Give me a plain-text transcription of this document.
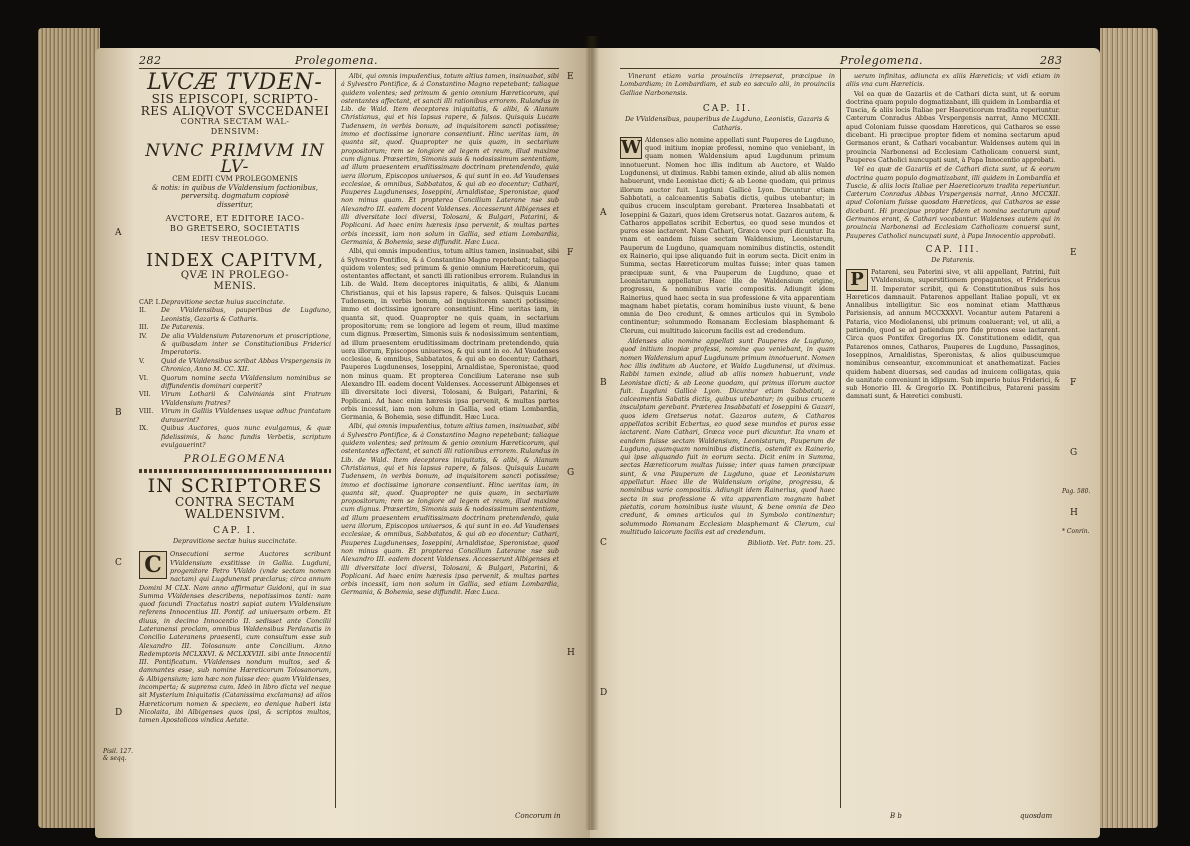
282	Prolegomena.
LVCÆ TVDEN-
SIS EPISCOPI, SCRIPTO-
RES ALIQVOT SVCCEDANEI
CONTRA SECTAM WAL-
DENSIVM:
NVNC PRIMVM IN LV-
CEM EDITI CVM PROLEGOMENIS
& notis: in quibus de VValdensium factionibus,
perversitq. dogmatum copiosè
disseritur,
AVCTORE, ET EDITORE IACO-
BO GRETSERO, SOCIETATIS
IESV THEOLOGO.
INDEX CAPITVM,
QVÆ IN PROLEGO-
MENIS.
CAP. I. Depravitione sectæ huius succinctate.
II.	De VValdensibus, pauperibus de Lugduno, Leonistis, Gazaris & Catharis.
III.	De Patarenis.
IV.	De alia VValdensium Patarenorum et proscriptione, & quibusdam inter se Constitutionibus Friderici Imperatoris.
V.	Quid de VValdensibus scribat Abbas Vrspergensis in Chronico, Anno M. CC. XII.
VI.	Quorum nomine secta VValdensium nominibus se diffundentis dominari cœperit?
VII.	Virum Lotharii & Calvinianis sint Fratrum VValdensium fratres?
VIII.	Virum in Galliis VValdenses usque adhuc frantatum durauerint?
IX.	Quibus Auctores, quos nunc evulgamus, & quæ fidelissimis, & hanc fundis Verbetis, scriptum evulgauerint?
PROLEGOMENA
IN SCRIPTORES
CONTRA SECTAM
WALDENSIVM.
CAP. I.
Depravitione sectæ huius succinctate.
C	Onsecutioni serme Auctores scribunt VValdensium exstitisse in Gallia. Lugduni, progenitore Petro VValdo (vnde sectam nomen nactam) qui Lugdunenst præclarus; circa annum Domini M CLX. Nam anno affirmatur Guidoni, qui in sua Summa VValdenses describens, nepotissimos tanti: nam quod facundi Tractatus nostri sapiat autem VValdensium referens Innocentius III. Pontif. ad uniuersum orbem. Et diuus, in decimo Innocentio II. sedisset ante Concilii Lateranensi proclam, omnibus Waldensibus Perdanatis in Concilio Lateranens praesenti, cum consultum esse sub Alexandro III. Tolosanum ante Concilium. Anno Redemptoris MCLXXVI. & MCLXXVIII. sibi ante Innocentii III. Pontificatum. VValdenses nondum multos, sed & damnantes esse, sub nomine Hæreticorum Tolosanorum, & Albigensium; iam hæc non fuisse deo: quam VValdenses, incomperta; & suprema cum. Ideò in libro dicta vel neque sit Mysterium Iniquitatis (Catanissima exclamans) ad alios Hæreticorum nomen & speciem, eo denique haberi ista Nicolaita, ibi Albigenses quos ipsi, & scriptos multos, tamen Apostolicos vindica Aetate.

Albi, qui omnis impudentius, totum altius tamen, insinuabat, sibi á Sylvestro Pontifice, & á Constantino Magno repetebant; taliaque quidem volentes; sed primum & genio omnium Hæreticorum, qui ostentantes affectant, et sancti illi rationibus errorem. Rulandus in Lib. de Wald. Item deceptores iniquitatis, & alibi, & Alanum Christianus, qui et his lapsus rapere, & falsos. Quisquis Lucam Tudensem, in verbis bonum, ad inquisitorem sancti potissime; immo et doctissime ignorare consentiunt. Hinc ueritas iam, in quanta sit, quod. Quapropter ne quis quam, in sectarium propositorum; rem se longiore ad legem et reum, illud maxime cum dignus. Præsertim, Simonis suis & nodosissimum sententiam, ad illum praesentem eruditissimam doctrinam pretendendo, quia uera illorum, Episcopos uniuersos, & qui sunt in eo. Ad Vaudenses ecclesiae, & omnibus, Sabbatatos, & qui ab eo docentur; Cathari, Pauperes Lugdunenses, Ioseppini, Arnaldistae, Speronistae, quod non minus quam. Et propterea Concilium Laterane nse sub Alexandro III. eadem docent Valdenses. Accesserunt Albigenses et illi diversitate loci diversi, Tolosani, & Bulgari, Patarini, & Poplicani. Ad haec enim hæresis ipsa pervenit, & multas partes orbis incessit, iam non solum in Gallia, sed etiam Lombardia, Germania, & Bohemia, sese diffundit. Hæc Luca.

Albi, qui omnis impudentius, totum altius tamen, insinuabat, sibi á Sylvestro Pontifice, & á Constantino Magno repetebant; taliaque quidem volentes; sed primum & genio omnium Hæreticorum, qui ostentantes affectant, et sancti illi rationibus errorem. Rulandus in Lib. de Wald. Item deceptores iniquitatis, & alibi, & Alanum Christianus, qui et his lapsus rapere, & falsos. Quisquis Lucam Tudensem, in verbis bonum, ad inquisitorem sancti potissime; immo et doctissime ignorare consentiunt. Hinc ueritas iam, in quanta sit, quod. Quapropter ne quis quam, in sectarium propositorum; rem se longiore ad legem et reum, illud maxime cum dignus. Præsertim, Simonis suis & nodosissimum sententiam, ad illum praesentem eruditissimam doctrinam pretendendo, quia uera illorum, Episcopos uniuersos, & qui sunt in eo. Ad Vaudenses ecclesiae, & omnibus, Sabbatatos, & qui ab eo docentur; Cathari, Pauperes Lugdunenses, Ioseppini, Arnaldistae, Speronistae, quod non minus quam. Et propterea Concilium Laterane nse sub Alexandro III. eadem docent Valdenses. Accesserunt Albigenses et illi diversitate loci diversi, Tolosani, & Bulgari, Patarini, & Poplicani. Ad haec enim hæresis ipsa pervenit, & multas partes orbis incessit, iam non solum in Gallia, sed etiam Lombardia, Germania, & Bohemia, sese diffundit. Hæc Luca.

Albi, qui omnis impudentius, totum altius tamen, insinuabat, sibi á Sylvestro Pontifice, & á Constantino Magno repetebant; taliaque quidem volentes; sed primum & genio omnium Hæreticorum, qui ostentantes affectant, et sancti illi rationibus errorem. Rulandus in Lib. de Wald. Item deceptores iniquitatis, & alibi, & Alanum Christianus, qui et his lapsus rapere, & falsos. Quisquis Lucam Tudensem, in verbis bonum, ad inquisitorem sancti potissime; immo et doctissime ignorare consentiunt. Hinc ueritas iam, in quanta sit, quod. Quapropter ne quis quam, in sectarium propositorum; rem se longiore ad legem et reum, illud maxime cum dignus. Præsertim, Simonis suis & nodosissimum sententiam, ad illum praesentem eruditissimam doctrinam pretendendo, quia uera illorum, Episcopos uniuersos, & qui sunt in eo. Ad Vaudenses ecclesiae, & omnibus, Sabbatatos, & qui ab eo docentur; Cathari, Pauperes Lugdunenses, Ioseppini, Arnaldistae, Speronistae, quod non minus quam. Et propterea Concilium Laterane nse sub Alexandro III. eadem docent Valdenses. Accesserunt Albigenses et illi diversitate loci diversi, Tolosani, & Bulgari, Patarini, & Poplicani. Ad haec enim hæresis ipsa pervenit, & multas partes orbis incessit, iam non solum in Gallia, sed etiam Lombardia, Germania, & Bohemia, sese diffundit. Hæc Luca.

Pisil. 127. & seqq.
Concorum in
A
B
C
D
E
F
G
H
Prolegomena.	283

Vinerant etiam varia prouinciis irrepserat, præcipue in Lombardiam; in Lombardiam, et sub eo sæculo alii, in prouinciis Galliae Narbonensis.

CAP. II.
De VValdensibus, pauperibus de Lugduno, Leonistis, Gazaris & Catharis.
W Aldenses alio nomine appellati sunt Pauperes de Lugduno, quod initium inopiæ professi, nomine quo veniebant, in quam nomen Waldensium apud Lugdunum primum innotuerunt. Nomen hoc illis inditum ab Auctore, et Waldo Lugdunensi, ut diximus. Rabbi tamen exinde, aliud ab aliis nomen habuerunt, vnde Leonistae dicti; & ab Leone quodam, qui primus illorum auctor fuit. Lugduni Gallicè Lyon. Dicuntur etiam Sabbatati, a calceamentis Sabatis dictis, quibus utebantur; in quibus crucem insculptam gerebant. Præterea Insabbatati et Ioseppini & Gazari, quos idem Gretserus notat. Gazaros autem, & Catharos appellatos scribit Ecbertus, eo quod sese mundos et puros esse iactarent. Nam Cathari, Græca voce puri dicuntur. Ita vnam et eandem fuisse sectam Waldensium, Leonistarum, Pauperum de Lugduno, quamquam nominibus distinctis, ostendit ex Rainerio, qui ipse aliquando fuit in eorum secta. Dicit enim in Summa, sectas Hæreticorum multas fuisse; inter quas tamen præcipuæ sunt, & vna Pauperum de Lugduno, quae et Leonistarum appellatur. Haec ille de Waldensium origine, progressu, & nominibus varie compositis. Adiungit idem Rainerius, quod haec secta in sua professione & vita apparentiam magnam habet pietatis, coram hominibus iuste viuunt, & bene omnia de Deo credunt, & omnes articulos qui in Symbolo continentur; solummodo Romanam Ecclesiam blasphemant & Clerum, cui multitudo laicorum facilis est ad credendum.

Aldenses alio nomine appellati sunt Pauperes de Lugduno, quod initium inopiæ professi, nomine quo veniebant, in quam nomen Waldensium apud Lugdunum primum innotuerunt. Nomen hoc illis inditum ab Auctore, et Waldo Lugdunensi, ut diximus. Rabbi tamen exinde, aliud ab aliis nomen habuerunt, vnde Leonistae dicti; & ab Leone quodam, qui primus illorum auctor fuit. Lugduni Gallicè Lyon. Dicuntur etiam Sabbatati, a calceamentis Sabatis dictis, quibus utebantur; in quibus crucem insculptam gerebant. Præterea Insabbatati et Ioseppini & Gazari, quos idem Gretserus notat. Gazaros autem, & Catharos appellatos scribit Ecbertus, eo quod sese mundos et puros esse iactarent. Nam Cathari, Græca voce puri dicuntur. Ita vnam et eandem fuisse sectam Waldensium, Leonistarum, Pauperum de Lugduno, quamquam nominibus distinctis, ostendit ex Rainerio, qui ipse aliquando fuit in eorum secta. Dicit enim in Summa, sectas Hæreticorum multas fuisse; inter quas tamen præcipuæ sunt, & vna Pauperum de Lugduno, quae et Leonistarum appellatur. Haec ille de Waldensium origine, progressu, & nominibus varie compositis. Adiungit idem Rainerius, quod haec secta in sua professione & vita apparentiam magnam habet pietatis, coram hominibus iuste viuunt, & bene omnia de Deo credunt, & omnes articulos qui in Symbolo continentur; solummodo Romanam Ecclesiam blasphemant & Clerum, cui multitudo laicorum facilis est ad credendum.

Bibliotb. Vet. Patr. tom. 25.

uerum infinitas, adiuncta ex aliis Hæreticis; vt vidi etiam in aliis vna cum Hæreticis.

Vel ea quæ de Gazariis et de Cathari dicta sunt, ut & eorum doctrina quam populo dogmatizabant, illi quidem in Lombardia et Tuscia, & aliis locis Italiae per Haereticorum tradita reperiuntur. Cæterum Conradus Abbas Vrspergensis narrat, Anno MCCXII. apud Coloniam fuisse quosdam Hæreticos, qui Catharos se esse dicebant. Hi præcipue propter fidem et nomina sectarum apud Germanos erant, & Cathari vocabantur. Waldenses autem qui in prouincia Narbonensi ad Ecclesiam Catholicam conuersi sunt, Pauperes Catholici nuncupati sunt, à Papa Innocentio approbati.

Vel ea quæ de Gazariis et de Cathari dicta sunt, ut & eorum doctrina quam populo dogmatizabant, illi quidem in Lombardia et Tuscia, & aliis locis Italiae per Haereticorum tradita reperiuntur. Cæterum Conradus Abbas Vrspergensis narrat, Anno MCCXII. apud Coloniam fuisse quosdam Hæreticos, qui Catharos se esse dicebant. Hi præcipue propter fidem et nomina sectarum apud Germanos erant, & Cathari vocabantur. Waldenses autem qui in prouincia Narbonensi ad Ecclesiam Catholicam conuersi sunt, Pauperes Catholici nuncupati sunt, à Papa Innocentio approbati.

CAP. III.
De Patarenis.
P	Patareni, seu Paterini sive, vt alii appellant, Patrini, fuit VValdensium, superstitionem propagantes, et Fridericus II. Imperator scribit, qui & Constitutionibus suis hos Hæreticos damnauit. Patarenos appellant Italiae populi, vt ex Annalibus intelligitur. Sic eos nominat etiam Matthæus Parisiensis, ad annum MCCXXXVI. Vocantur autem Patareni a Pataria, vico Mediolanensi, ubi primum coaluerant; vel, ut alii, a patiendo, quod se ad patiendum pro fide pronos esse iactarent. Circa quos Pontifex Gregorius IX. Constitutionem edidit, qua Patarenos omnes, Catharos, Pauperes de Lugduno, Passaginos, Ioseppinos, Arnaldistas, Speronistas, & alios quibuscumque nominibus censeantur, excommunicat et anathematizat. Facies quidem habent diuersas, sed caudas ad inuicem colligatas, quia de uanitate conveniunt in idipsum. Sub imperio huius Friderici, & sub Honorio III. & Gregorio IX. Pontificibus, Patareni passim damnati sunt, & Hæretici combusti.
Pag. 580.
* Conrin.
B b	quosdam
A
B
C
D
E
F
G
H
